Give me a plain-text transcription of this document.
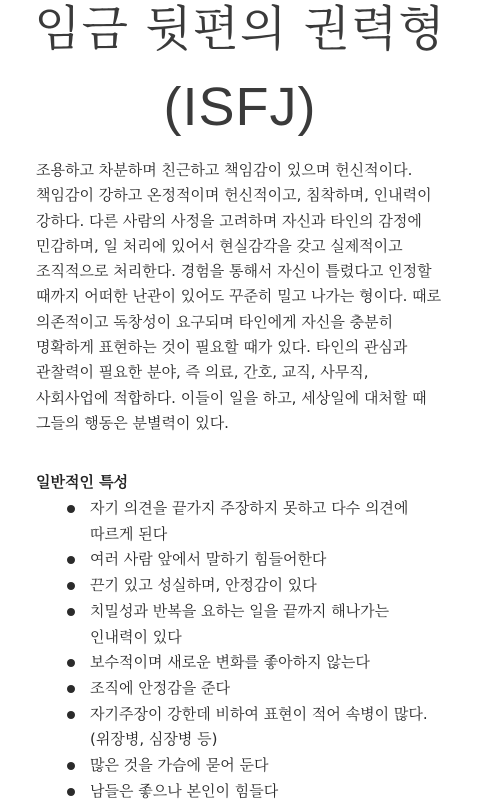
임금 뒷편의 권력형
(ISFJ)

조용하고 차분하며 친근하고 책임감이 있으며 헌신적이다. 책임감이 강하고 온정적이며 헌신적이고, 침착하며, 인내력이 강하다. 다른 사람의 사정을 고려하며 자신과 타인의 감정에 민감하며, 일 처리에 있어서 현실감각을 갖고 실제적이고 조직적으로 처리한다. 경험을 통해서 자신이 틀렸다고 인정할 때까지 어떠한 난관이 있어도 꾸준히 밀고 나가는 형이다. 때로 의존적이고 독창성이 요구되며 타인에게 자신을 충분히 명확하게 표현하는 것이 필요할 때가 있다. 타인의 관심과 관찰력이 필요한 분야, 즉 의료, 간호, 교직, 사무직, 사회사업에 적합하다. 이들이 일을 하고, 세상일에 대처할 때 그들의 행동은 분별력이 있다.

일반적인 특성
자기 의견을 끝가지 주장하지 못하고 다수 의견에 따르게 된다
여러 사람 앞에서 말하기 힘들어한다
끈기 있고 성실하며, 안정감이 있다
치밀성과 반복을 요하는 일을 끝까지 해나가는 인내력이 있다
보수적이며 새로운 변화를 좋아하지 않는다
조직에 안정감을 준다
자기주장이 강한데 비하여 표현이 적어 속병이 많다.(위장병, 심장병 등)
많은 것을 가슴에 묻어 둔다
남들은 좋으나 본인이 힘들다
